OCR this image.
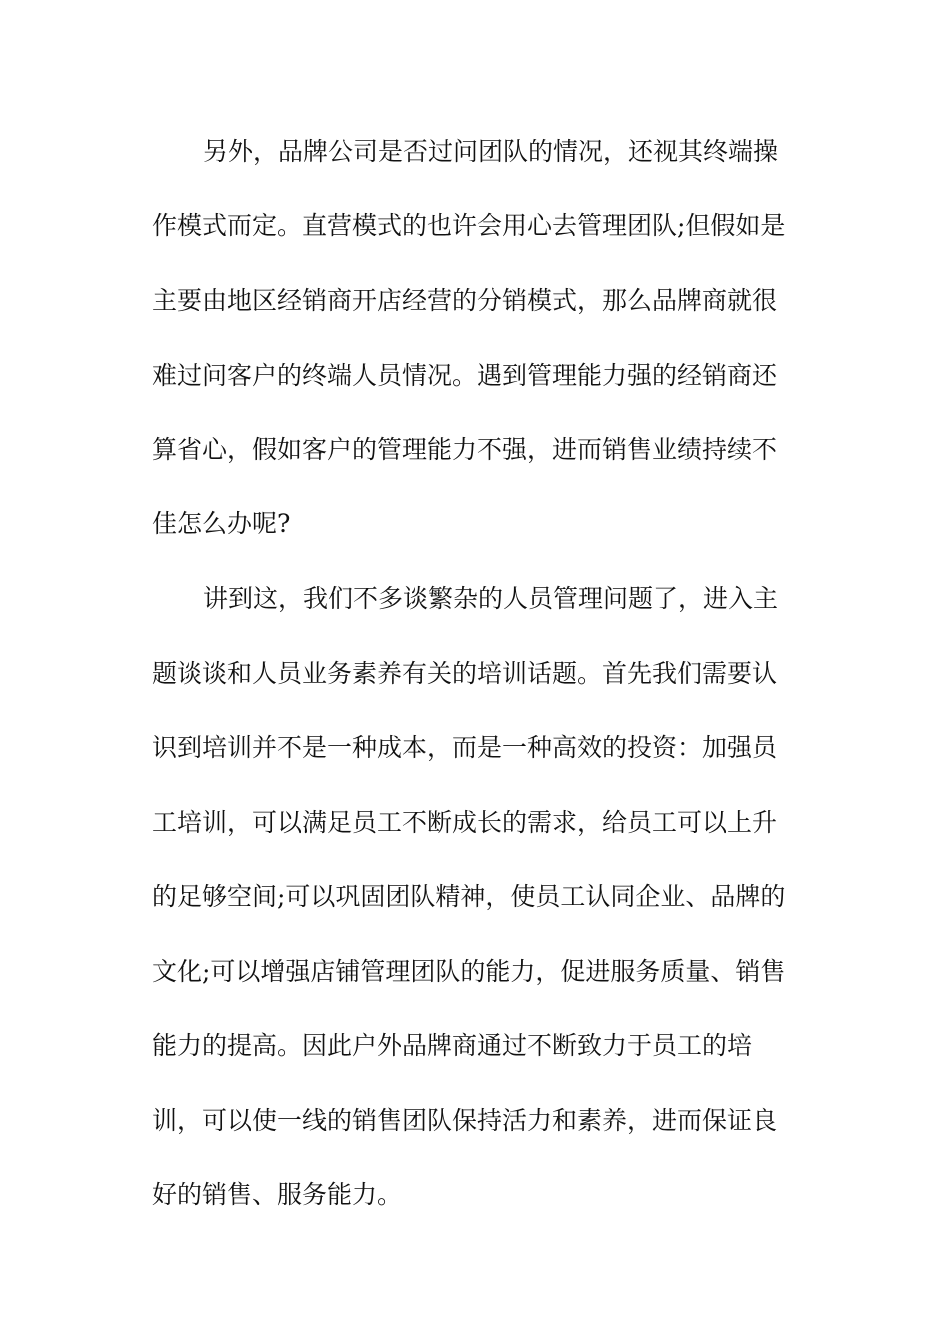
另外，品牌公司是否过问团队的情况，还视其终端操
作模式而定。直营模式的也许会用心去管理团队;但假如是
主要由地区经销商开店经营的分销模式，那么品牌商就很
难过问客户的终端人员情况。遇到管理能力强的经销商还
算省心，假如客户的管理能力不强，进而销售业绩持续不
佳怎么办呢?
讲到这，我们不多谈繁杂的人员管理问题了，进入主
题谈谈和人员业务素养有关的培训话题。首先我们需要认
识到培训并不是一种成本，而是一种高效的投资：加强员
工培训，可以满足员工不断成长的需求，给员工可以上升
的足够空间;可以巩固团队精神，使员工认同企业、品牌的
文化;可以增强店铺管理团队的能力，促进服务质量、销售
能力的提高。因此户外品牌商通过不断致力于员工的培
训，可以使一线的销售团队保持活力和素养，进而保证良
好的销售、服务能力。
